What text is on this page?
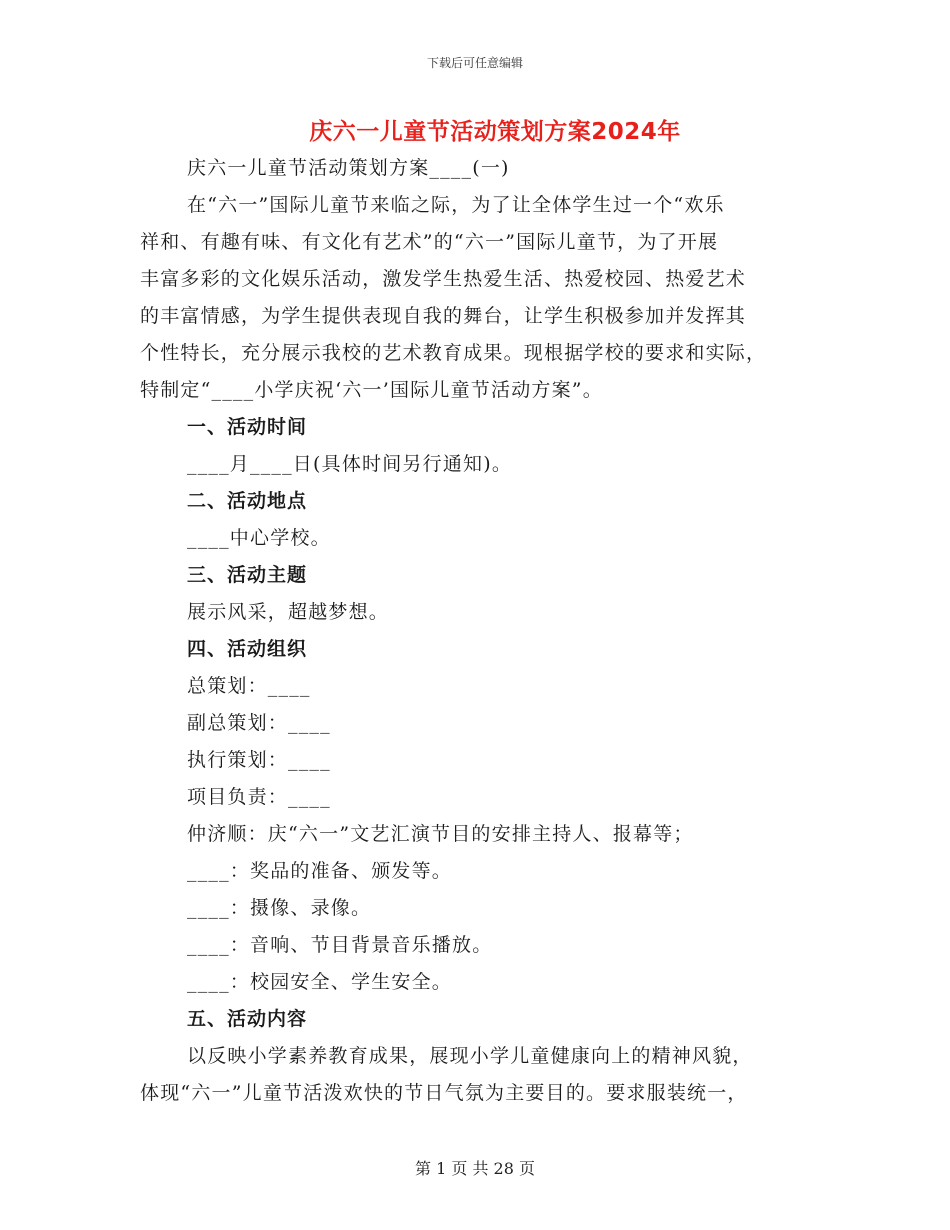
下载后可任意编辑
庆六一儿童节活动策划方案2024年
庆六一儿童节活动策划方案____(一)
在“六一”国际儿童节来临之际，为了让全体学生过一个“欢乐
祥和、有趣有味、有文化有艺术”的“六一”国际儿童节，为了开展
丰富多彩的文化娱乐活动，激发学生热爱生活、热爱校园、热爱艺术
的丰富情感，为学生提供表现自我的舞台，让学生积极参加并发挥其
个性特长，充分展示我校的艺术教育成果。现根据学校的要求和实际，
特制定“____小学庆祝‘六一’国际儿童节活动方案”。
一、活动时间
____月____日(具体时间另行通知)。
二、活动地点
____中心学校。
三、活动主题
展示风采，超越梦想。
四、活动组织
总策划：____
副总策划：____
执行策划：____
项目负责：____
仲济顺：庆“六一”文艺汇演节目的安排主持人、报幕等；
____：奖品的准备、颁发等。
____：摄像、录像。
____：音响、节目背景音乐播放。
____：校园安全、学生安全。
五、活动内容
以反映小学素养教育成果，展现小学儿童健康向上的精神风貌，
体现“六一”儿童节活泼欢快的节日气氛为主要目的。要求服装统一，
第 1 页 共 28 页
